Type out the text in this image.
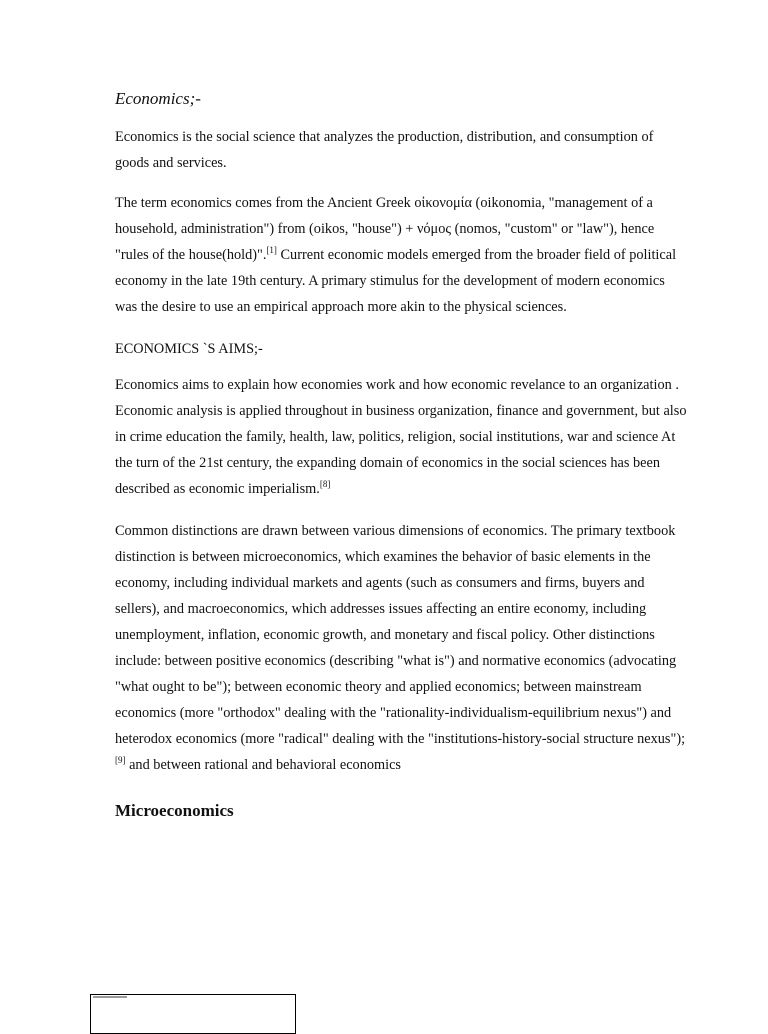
Economics;-

Economics is the social science that analyzes the production, distribution, and consumption of goods and services.

The term economics comes from the Ancient Greek οἰκονομία (oikonomia, "management of a household, administration") from (oikos, "house") + νόμος (nomos, "custom" or "law"), hence "rules of the house(hold)".[1] Current economic models emerged from the broader field of political economy in the late 19th century. A primary stimulus for the development of modern economics was the desire to use an empirical approach more akin to the physical sciences.

ECONOMICS `S AIMS;-

Economics aims to explain how economies work and how economic revelance to an organization . Economic analysis is applied throughout in business organization, finance and government, but also in crime education the family, health, law, politics, religion, social institutions, war and science At the turn of the 21st century, the expanding domain of economics in the social sciences has been described as economic imperialism.[8]

Common distinctions are drawn between various dimensions of economics. The primary textbook distinction is between microeconomics, which examines the behavior of basic elements in the economy, including individual markets and agents (such as consumers and firms, buyers and sellers), and macroeconomics, which addresses issues affecting an entire economy, including unemployment, inflation, economic growth, and monetary and fiscal policy. Other distinctions include: between positive economics (describing "what is") and normative economics (advocating "what ought to be"); between economic theory and applied economics; between mainstream economics (more "orthodox" dealing with the "rationality-individualism-equilibrium nexus") and heterodox economics (more "radical" dealing with the "institutions-history-social structure nexus");[9] and between rational and behavioral economics

Microeconomics
